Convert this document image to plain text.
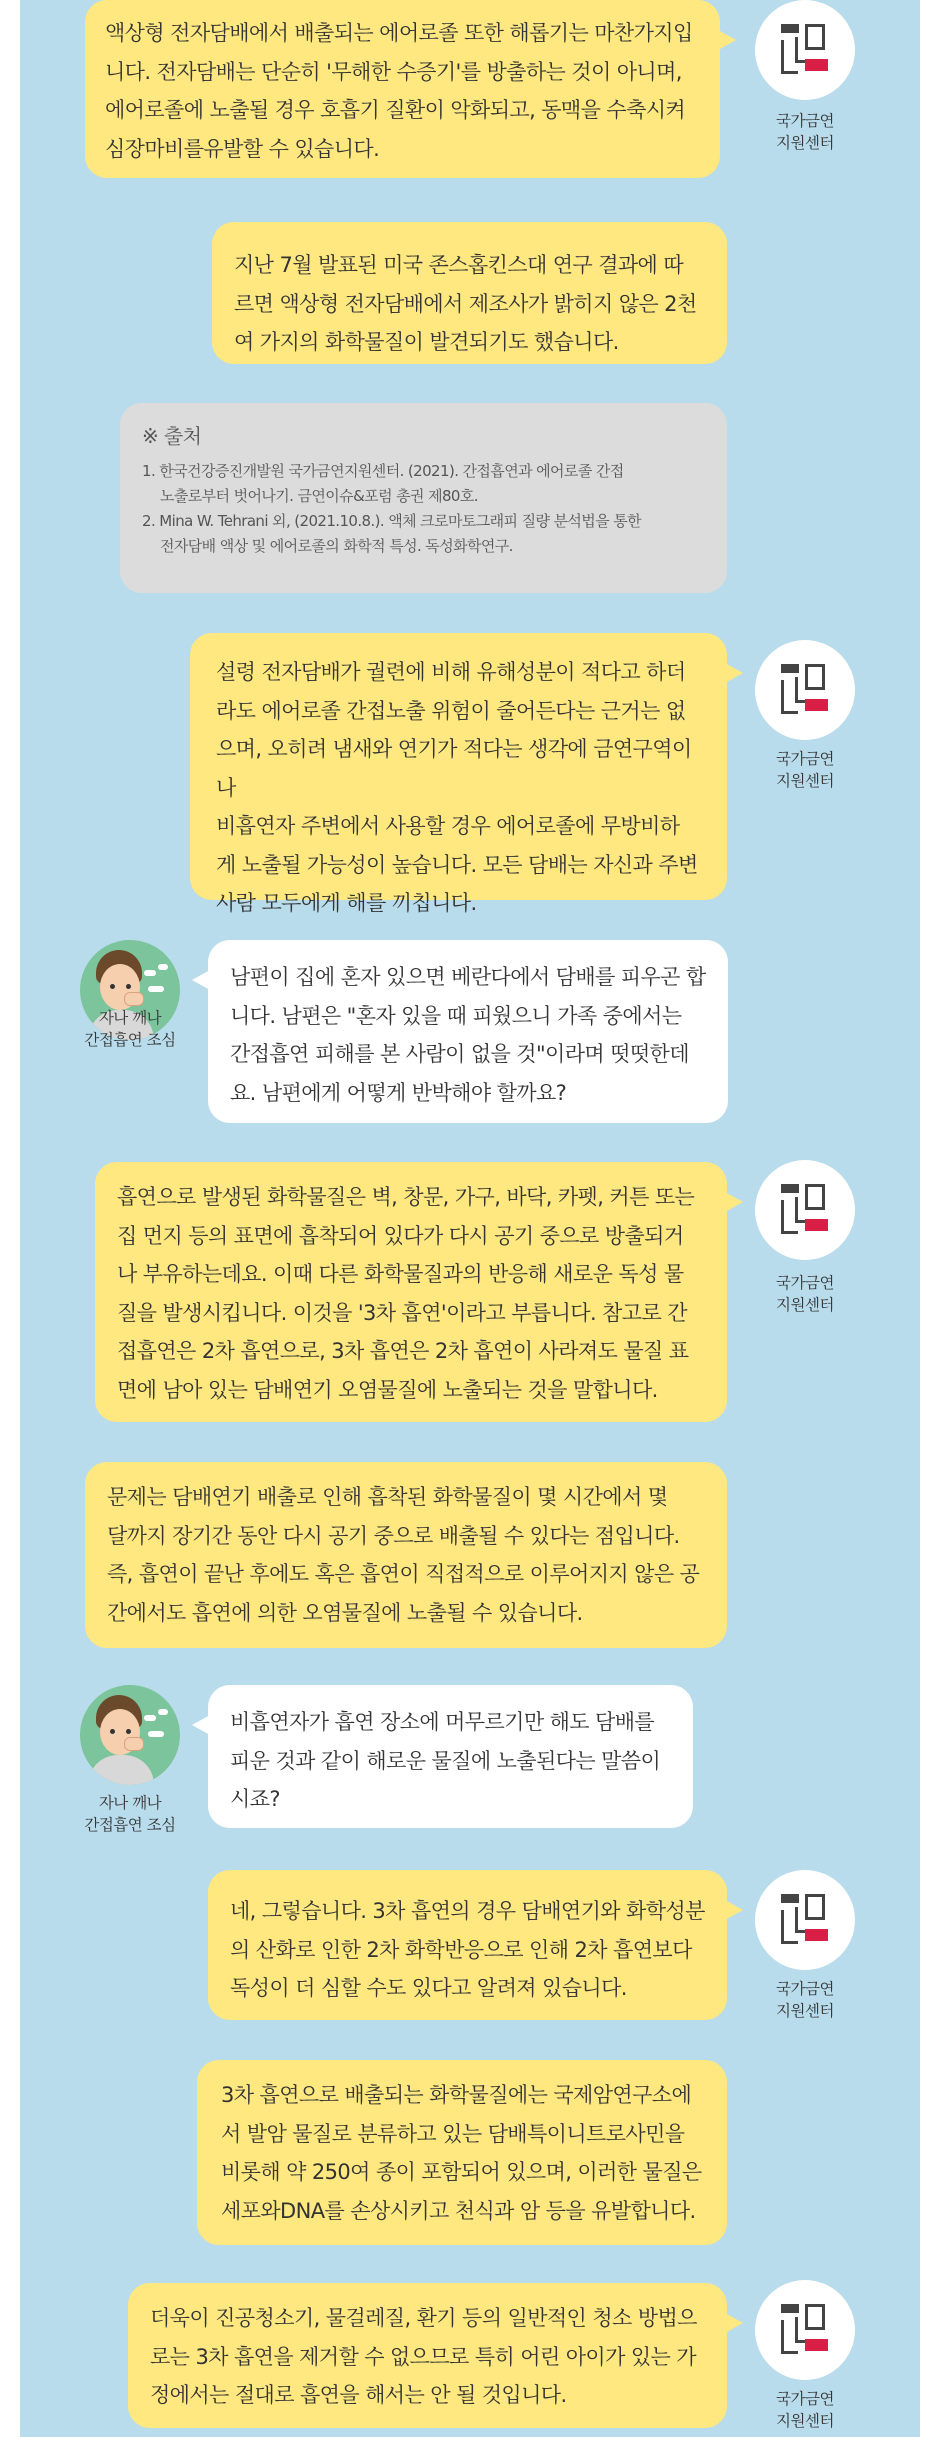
액상형 전자담배에서 배출되는 에어로졸 또한 해롭기는 마찬가지입

니다. 전자담배는 단순히 '무해한 수증기'를 방출하는 것이 아니며,

에어로졸에 노출될 경우 호흡기 질환이 악화되고, 동맥을 수축시켜

심장마비를유발할 수 있습니다.

국가금연
지원센터

지난 7월 발표된 미국 존스홉킨스대 연구 결과에 따

르면 액상형 전자담배에서 제조사가 밝히지 않은 2천

여 가지의 화학물질이 발견되기도 했습니다.

※ 출처
1. 한국건강증진개발원 국가금연지원센터. (2021). 간접흡연과 에어로졸 간접
노출로부터 벗어나기. 금연이슈&포럼 총권 제80호.
2. Mina W. Tehrani 외, (2021.10.8.). 액체 크로마토그래피 질량 분석법을 통한
전자담배 액상 및 에어로졸의 화학적 특성. 독성화학연구.

설령 전자담배가 궐련에 비해 유해성분이 적다고 하더

라도 에어로졸 간접노출 위험이 줄어든다는 근거는 없

으며, 오히려 냄새와 연기가 적다는 생각에 금연구역이나

비흡연자 주변에서 사용할 경우 에어로졸에 무방비하

게 노출될 가능성이 높습니다. 모든 담배는 자신과 주변

사람 모두에게 해를 끼칩니다.

국가금연
지원센터
자나 깨나
간접흡연 조심

남편이 집에 혼자 있으면 베란다에서 담배를 피우곤 합

니다. 남편은 "혼자 있을 때 피웠으니 가족 중에서는

간접흡연 피해를 본 사람이 없을 것"이라며 떳떳한데

요. 남편에게 어떻게 반박해야 할까요?

흡연으로 발생된 화학물질은 벽, 창문, 가구, 바닥, 카펫, 커튼 또는

집 먼지 등의 표면에 흡착되어 있다가 다시 공기 중으로 방출되거

나 부유하는데요. 이때 다른 화학물질과의 반응해 새로운 독성 물

질을 발생시킵니다. 이것을 '3차 흡연'이라고 부릅니다. 참고로 간

접흡연은 2차 흡연으로, 3차 흡연은 2차 흡연이 사라져도 물질 표

면에 남아 있는 담배연기 오염물질에 노출되는 것을 말합니다.

국가금연
지원센터

문제는 담배연기 배출로 인해 흡착된 화학물질이 몇 시간에서 몇

달까지 장기간 동안 다시 공기 중으로 배출될 수 있다는 점입니다.

즉, 흡연이 끝난 후에도 혹은 흡연이 직접적으로 이루어지지 않은 공

간에서도 흡연에 의한 오염물질에 노출될 수 있습니다.

자나 깨나
간접흡연 조심

비흡연자가 흡연 장소에 머무르기만 해도 담배를

피운 것과 같이 해로운 물질에 노출된다는 말씀이

시죠?

네, 그렇습니다. 3차 흡연의 경우 담배연기와 화학성분

의 산화로 인한 2차 화학반응으로 인해 2차 흡연보다

독성이 더 심할 수도 있다고 알려져 있습니다.	국가금연
지원센터

3차 흡연으로 배출되는 화학물질에는 국제암연구소에

서 발암 물질로 분류하고 있는 담배특이니트로사민을

비롯해 약 250여 종이 포함되어 있으며, 이러한 물질은

세포와DNA를 손상시키고 천식과 암 등을 유발합니다.

더욱이 진공청소기, 물걸레질, 환기 등의 일반적인 청소 방법으

로는 3차 흡연을 제거할 수 없으므로 특히 어린 아이가 있는 가

정에서는 절대로 흡연을 해서는 안 될 것입니다.	국가금연
지원센터
